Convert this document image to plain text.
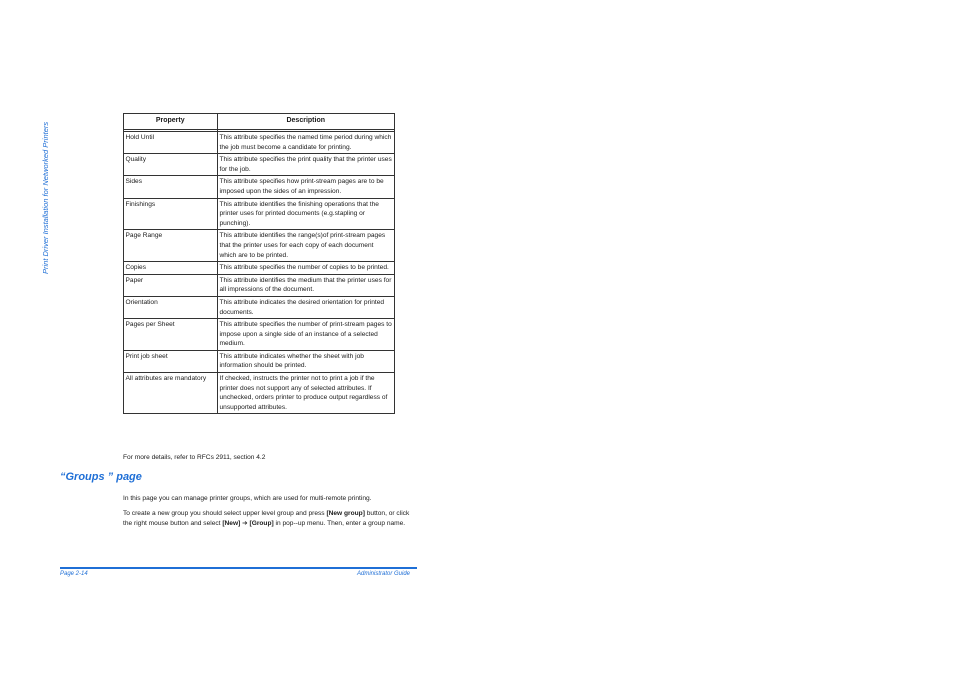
Print Driver Installation for Networked Printers
Property	Description

Hold Until	This attribute specifies the named time period during which the job must become a candidate for printing.
Quality	This attribute specifies the print quality that the printer uses for the job.
Sides	This attribute specifies how print-stream pages are to be imposed upon the sides of an impression.
Finishings	This attribute identifies the finishing operations that the printer uses for printed documents (e.g.stapling or punching).
Page Range	This attribute identifies the range(s)of print-stream pages that the printer uses for each copy of each document which are to be printed.
Copies	This attribute specifies the number of copies to be printed.
Paper	This attribute identifies the medium that the printer uses for all impressions of the document.
Orientation	This attribute indicates the desired orientation for printed documents.
Pages per Sheet	This attribute specifies the number of print-stream pages to impose upon a single side of an instance of a selected medium.
Print job sheet	This attribute indicates whether the sheet with job information should be printed.
All attributes are mandatory	If checked, instructs the printer not to print a job if the printer does not support any of selected attributes. If unchecked, orders printer to produce output regardless of unsupported attributes.
For more details, refer to RFCs 2911, section 4.2
“Groups ” page
In this page you can manage printer groups, which are used for multi-remote printing.
To create a new group you should select upper level group and press [New group] button, or click the right mouse button and select [New] ➔ [Group] in pop--up menu. Then, enter a group name.
Page 2-14	Administrator Guide
